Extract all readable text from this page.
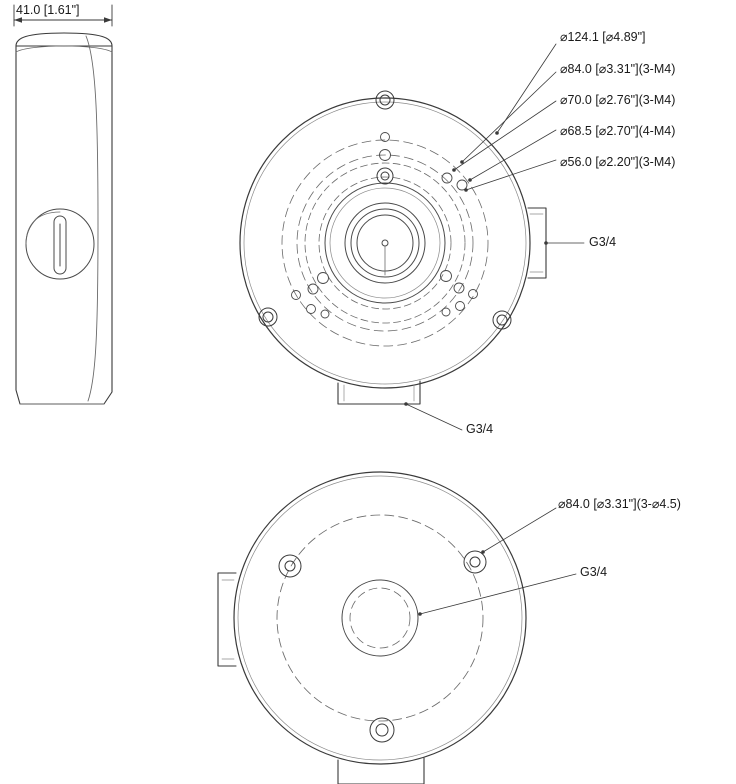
41.0 [1.61"]
⌀124.1 [⌀4.89"]
⌀84.0 [⌀3.31"](3-M4)
⌀70.0 [⌀2.76"](3-M4)
⌀68.5 [⌀2.70"](4-M4)
⌀56.0 [⌀2.20"](3-M4)
G3/4
G3/4
⌀84.0 [⌀3.31"](3-⌀4.5)
G3/4
